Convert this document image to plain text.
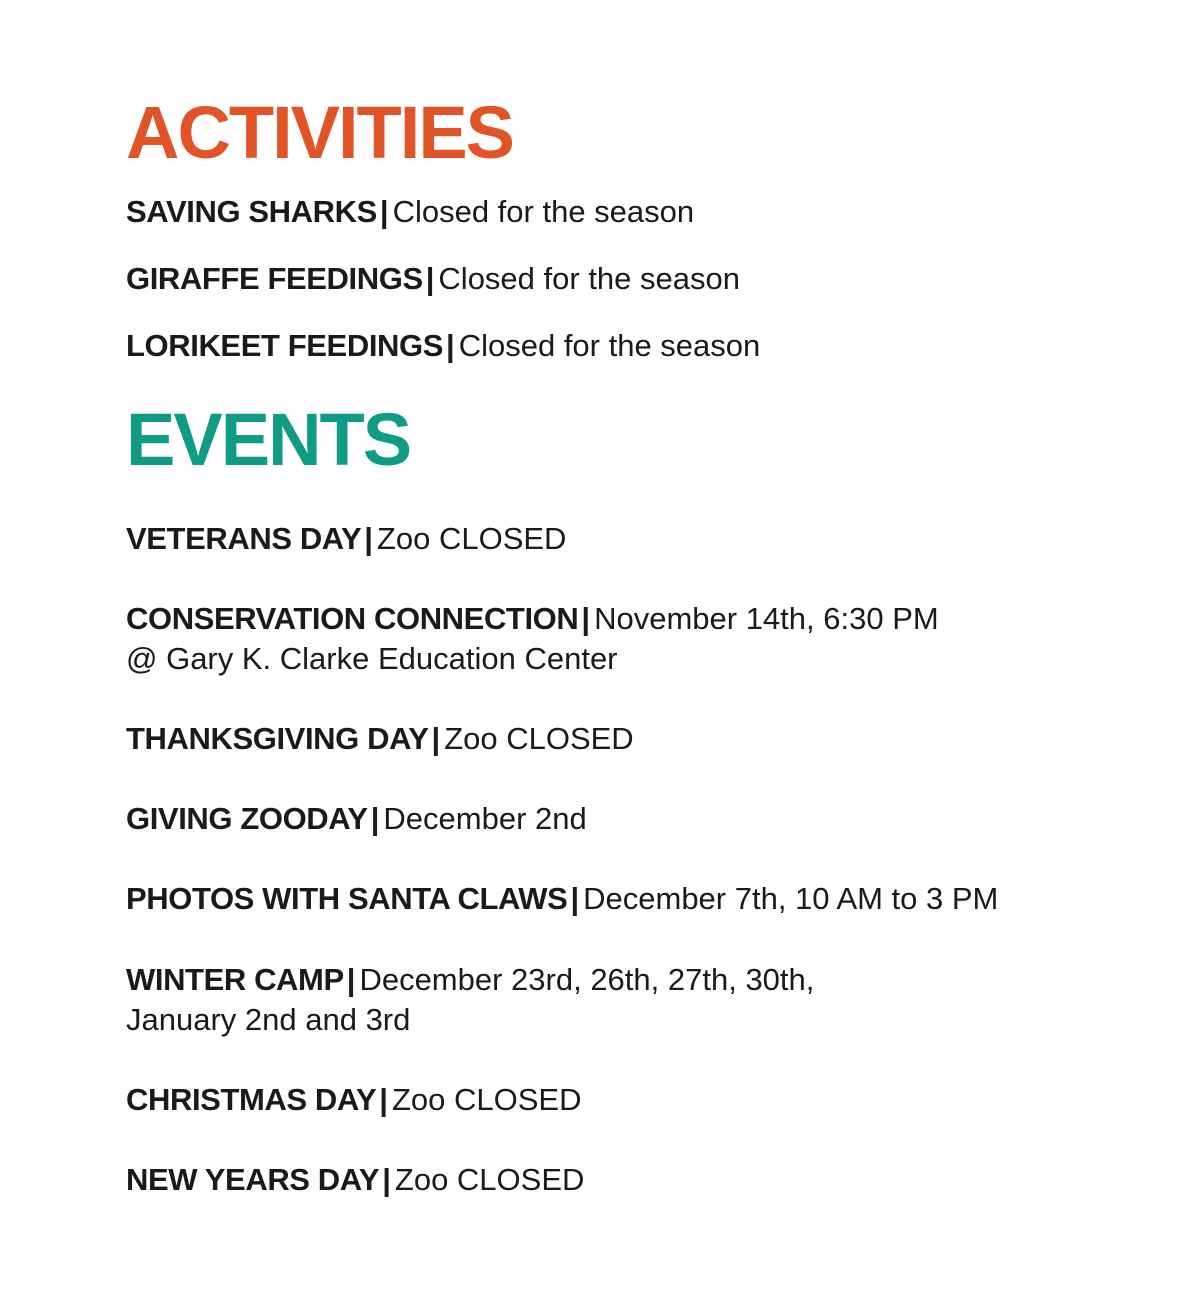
ACTIVITIES
SAVING SHARKS| Closed for the season
GIRAFFE FEEDINGS| Closed for the season
LORIKEET FEEDINGS| Closed for the season
EVENTS
VETERANS DAY| Zoo CLOSED
CONSERVATION CONNECTION| November 14th, 6:30 PM
@ Gary K. Clarke Education Center
THANKSGIVING DAY| Zoo CLOSED
GIVING ZOODAY| December 2nd
PHOTOS WITH SANTA CLAWS| December 7th, 10 AM to 3 PM
WINTER CAMP| December 23rd, 26th, 27th, 30th,
January 2nd and 3rd
CHRISTMAS DAY| Zoo CLOSED
NEW YEARS DAY| Zoo CLOSED
